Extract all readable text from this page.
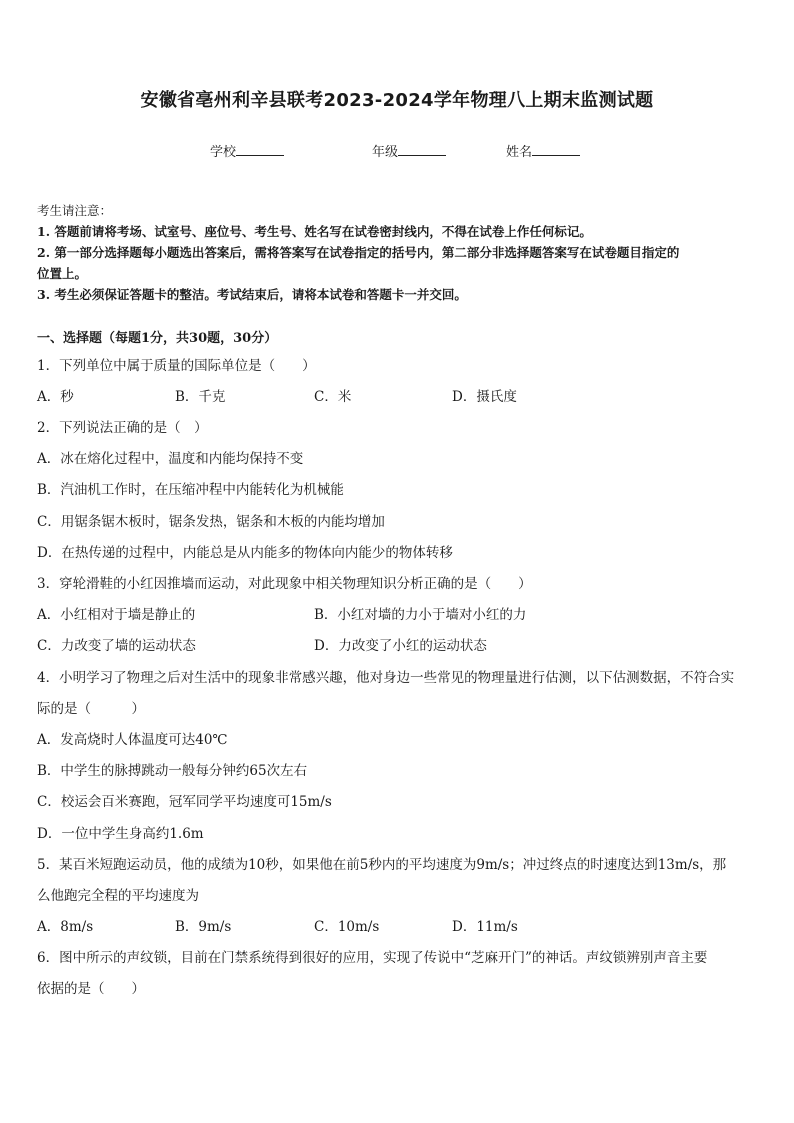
安徽省亳州利辛县联考2023-2024学年物理八上期末监测试题
学校	年级	姓名
考生请注意：
1. 答题前请将考场、试室号、座位号、考生号、姓名写在试卷密封线内，不得在试卷上作任何标记。
2. 第一部分选择题每小题选出答案后，需将答案写在试卷指定的括号内，第二部分非选择题答案写在试卷题目指定的
位置上。
3. 考生必须保证答题卡的整洁。考试结束后，请将本试卷和答题卡一并交回。
一、选择题（每题1分，共30题，30分）
1．下列单位中属于质量的国际单位是（　　）
A．秒	B．千克	C．米	D．摄氏度
2．下列说法正确的是（　）
A．冰在熔化过程中，温度和内能均保持不变
B．汽油机工作时，在压缩冲程中内能转化为机械能
C．用锯条锯木板时，锯条发热，锯条和木板的内能均增加
D．在热传递的过程中，内能总是从内能多的物体向内能少的物体转移
3．穿轮滑鞋的小红因推墙而运动，对此现象中相关物理知识分析正确的是（　　）
A．小红相对于墙是静止的	B．小红对墙的力小于墙对小红的力
C．力改变了墙的运动状态	D．力改变了小红的运动状态
4．小明学习了物理之后对生活中的现象非常感兴趣，他对身边一些常见的物理量进行估测，以下估测数据，不符合实
际的是（　　　）
A．发高烧时人体温度可达40℃
B．中学生的脉搏跳动一般每分钟约65次左右
C．校运会百米赛跑，冠军同学平均速度可15m/s
D．一位中学生身高约1.6m
5．某百米短跑运动员，他的成绩为10秒，如果他在前5秒内的平均速度为9m/s；冲过终点的时速度达到13m/s，那
么他跑完全程的平均速度为
A．8m/s	B．9m/s	C．10m/s	D．11m/s
6．图中所示的声纹锁，目前在门禁系统得到很好的应用，实现了传说中“芝麻开门”的神话。声纹锁辨别声音主要
依据的是（　　）
